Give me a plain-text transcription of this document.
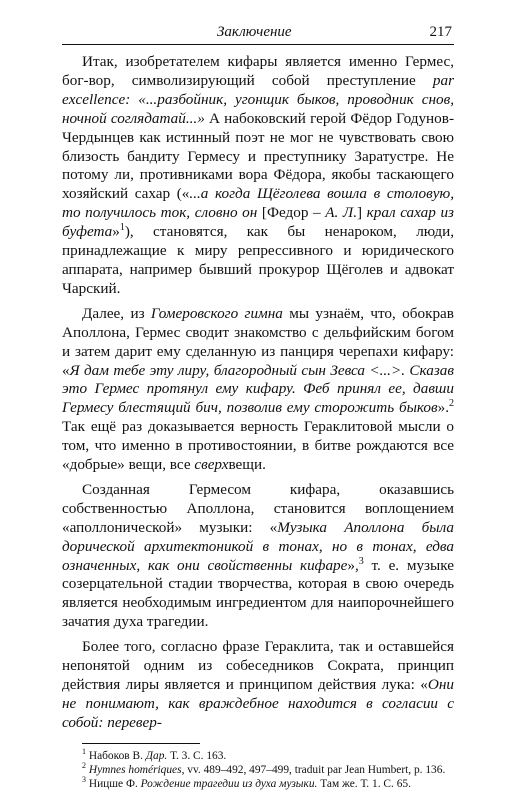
Заключение	217

Итак, изобретателем кифары является именно Гермес, бог-вор, символизирующий собой преступление par excellence: «...разбойник, угонщик быков, проводник снов, ночной соглядатай...» А набоковский герой Фёдор Годунов-Чердынцев как истинный поэт не мог не чувствовать свою близость бандиту Гермесу и преступнику Заратустре. Не потому ли, противниками вора Фёдора, якобы таскающего хозяйский сахар («...а когда Щёголева вошла в столовую, то получилось ток, словно он [Федор – А. Л.] крал сахар из буфета»$^1$), становятся, как бы ненароком, люди, принадлежащие к миру репрессивного и юридического аппарата, например бывший прокурор Щёголев и адвокат Чарский.

Далее, из Гомеровского гимна мы узнаём, что, обокрав Аполлона, Гермес сводит знакомство с дельфийским богом и затем дарит ему сделанную из панциря черепахи кифару: «Я дам тебе эту лиру, благородный сын Зевса <...>. Сказав это Гермес протянул ему кифару. Феб принял ее, давши Гермесу блестящий бич, позволив ему сторожить быков».$^2$ Так ещё раз доказывается верность Гераклитовой мысли о том, что именно в противостоянии, в битве рождаются все «добрые» вещи, все сверхвещи.

Созданная Гермесом кифара, оказавшись собственностью Аполлона, становится воплощением «аполлонической» музыки: «Музыка Аполлона была дорической архитектоникой в тонах, но в тонах, едва означенных, как они свойственны кифаре»,$^3$ т. е. музыке созерцательной стадии творчества, которая в свою очередь является необходимым ингредиентом для наипорочнейшего зачатия духа трагедии.

Более того, согласно фразе Гераклита, так и оставшейся непонятой одним из собеседников Сократа, принцип действия лиры является и принципом действия лука: «Они не понимают, как враждебное находится в согласии с собой: перевер-

$^1$ Набоков В. Дар. Т. 3. С. 163.

$^2$ Hymnes homériques, vv. 489–492, 497–499, traduit par Jean Humbert, p. 136.

$^3$ Ницше Ф. Рождение трагедии из духа музыки. Там же. Т. 1. С. 65.
